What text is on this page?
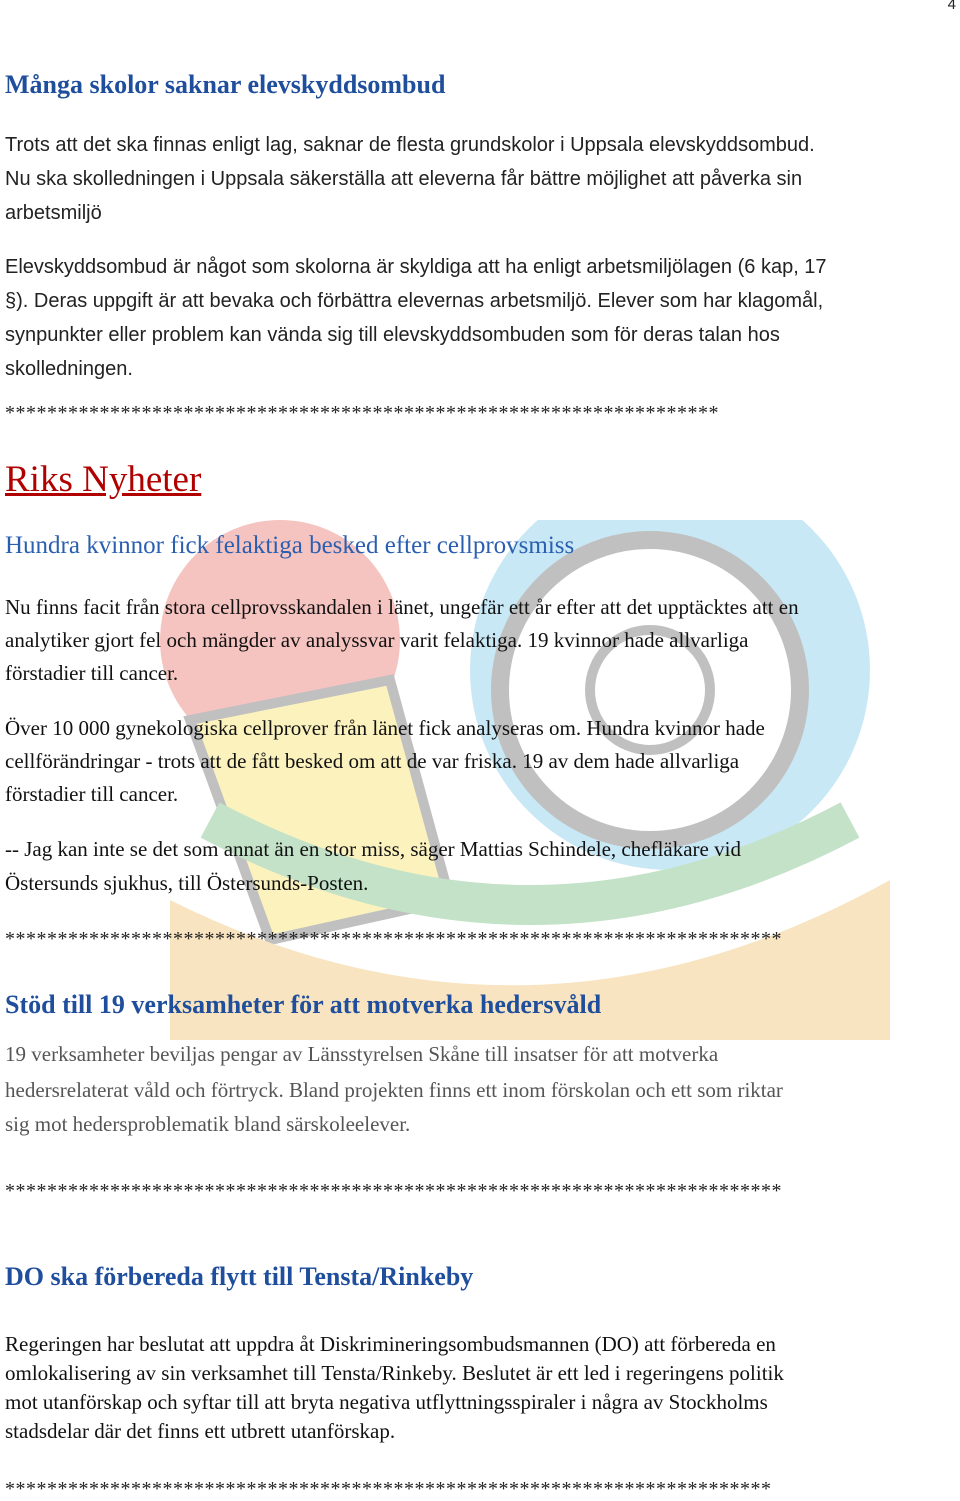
4
Många skolor saknar elevskyddsombud

Trots att det ska finnas enligt lag, saknar de flesta grundskolor i Uppsala elevskyddsombud.

Nu ska skolledningen i Uppsala säkerställa att eleverna får bättre möjlighet att påverka sin

arbetsmiljö

Elevskyddsombud är något som skolorna är skyldiga att ha enligt arbetsmiljölagen (6 kap, 17

§). Deras uppgift är att bevaka och förbättra elevernas arbetsmiljö. Elever som har klagomål,

synpunkter eller problem kan vända sig till elevskyddsombuden som för deras talan hos

skolledningen.

********************************************************************
Riks Nyheter
Hundra kvinnor fick felaktiga besked efter cellprovsmiss

Nu finns facit från stora cellprovsskandalen i länet, ungefär ett år efter att det upptäcktes att en

analytiker gjort fel och mängder av analyssvar varit felaktiga. 19 kvinnor hade allvarliga

förstadier till cancer.

Över 10 000 gynekologiska cellprover från länet fick analyseras om. Hundra kvinnor hade

cellförändringar - trots att de fått besked om att de var friska. 19 av dem hade allvarliga

förstadier till cancer.

-- Jag kan inte se det som annat än en stor miss, säger Mattias Schindele, chefläkare vid

Östersunds sjukhus, till Östersunds-Posten.

**************************************************************************
Stöd till 19 verksamheter för att motverka hedersvåld

19 verksamheter beviljas pengar av Länsstyrelsen Skåne till insatser för att motverka

hedersrelaterat våld och förtryck. Bland projekten finns ett inom förskolan och ett som riktar

sig mot hedersproblematik bland särskoleelever.

**************************************************************************
DO ska förbereda flytt till Tensta/Rinkeby

Regeringen har beslutat att uppdra åt Diskrimineringsombudsmannen (DO) att förbereda en

omlokalisering av sin verksamhet till Tensta/Rinkeby. Beslutet är ett led i regeringens politik

mot utanförskap och syftar till att bryta negativa utflyttningsspiraler i några av Stockholms

stadsdelar där det finns ett utbrett utanförskap.

*************************************************************************
